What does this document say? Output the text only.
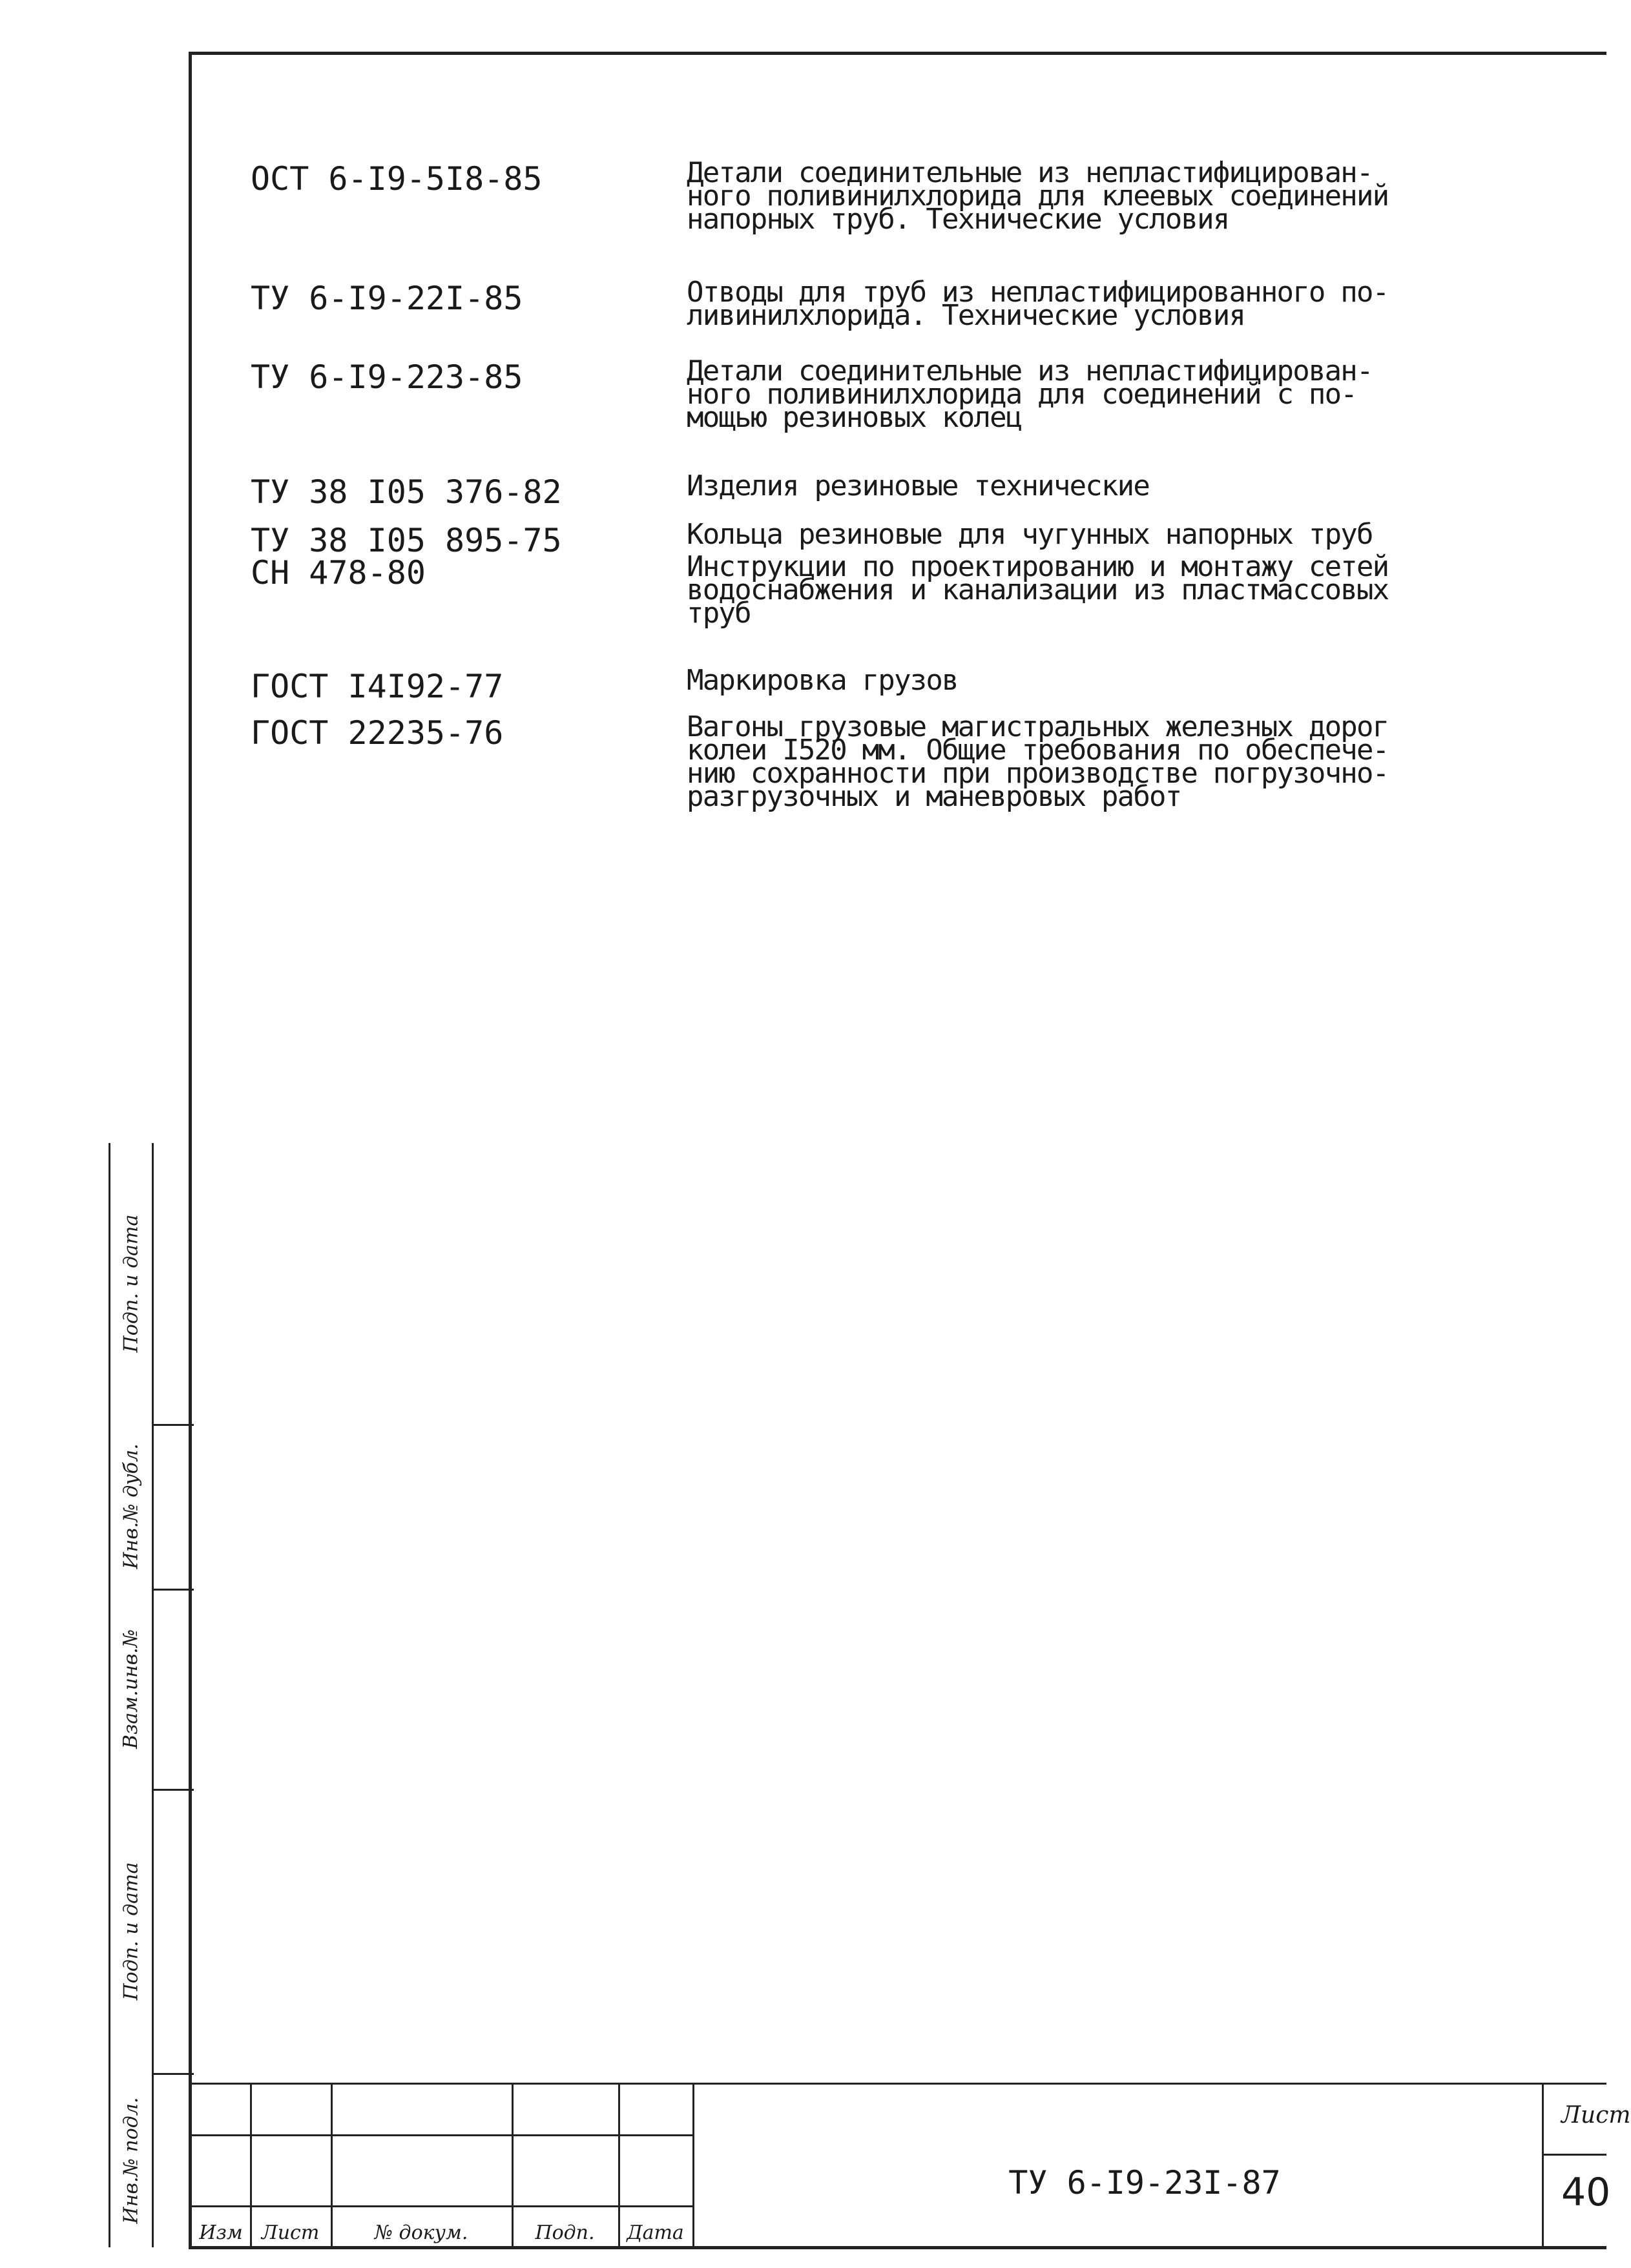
ОСТ 6-I9-5I8-85	Детали соединительные из непластифицирован-
ного поливинилхлорида для клеевых соединений
напорных труб. Технические условия
ТУ 6-I9-22I-85	Отводы для труб из непластифицированного по-
ливинилхлорида. Технические условия
ТУ 6-I9-223-85	Детали соединительные из непластифицирован-
ного поливинилхлорида для соединений с по-
мощью резиновых колец
ТУ 38 I05 376-82	Изделия резиновые технические
ТУ 38 I05 895-75	Кольца резиновые для чугунных напорных труб
СН 478-80	Инструкции по проектированию и монтажу сетей
водоснабжения и канализации из пластмассовых
труб
ГОСТ I4I92-77	Маркировка грузов
ГОСТ 22235-76	Вагоны грузовые магистральных железных дорог
колеи I520 мм. Общие требования по обеспече-
нию сохранности при производстве погрузочно-
разгрузочных и маневровых работ
Подп. и дата
Инв.№ дубл.
Взам.инв.№
Подп. и дата
Инв.№ подл.
Изм Лист	№ докум.	Подп. Дата
ТУ 6-I9-23I-87
Лист
40
